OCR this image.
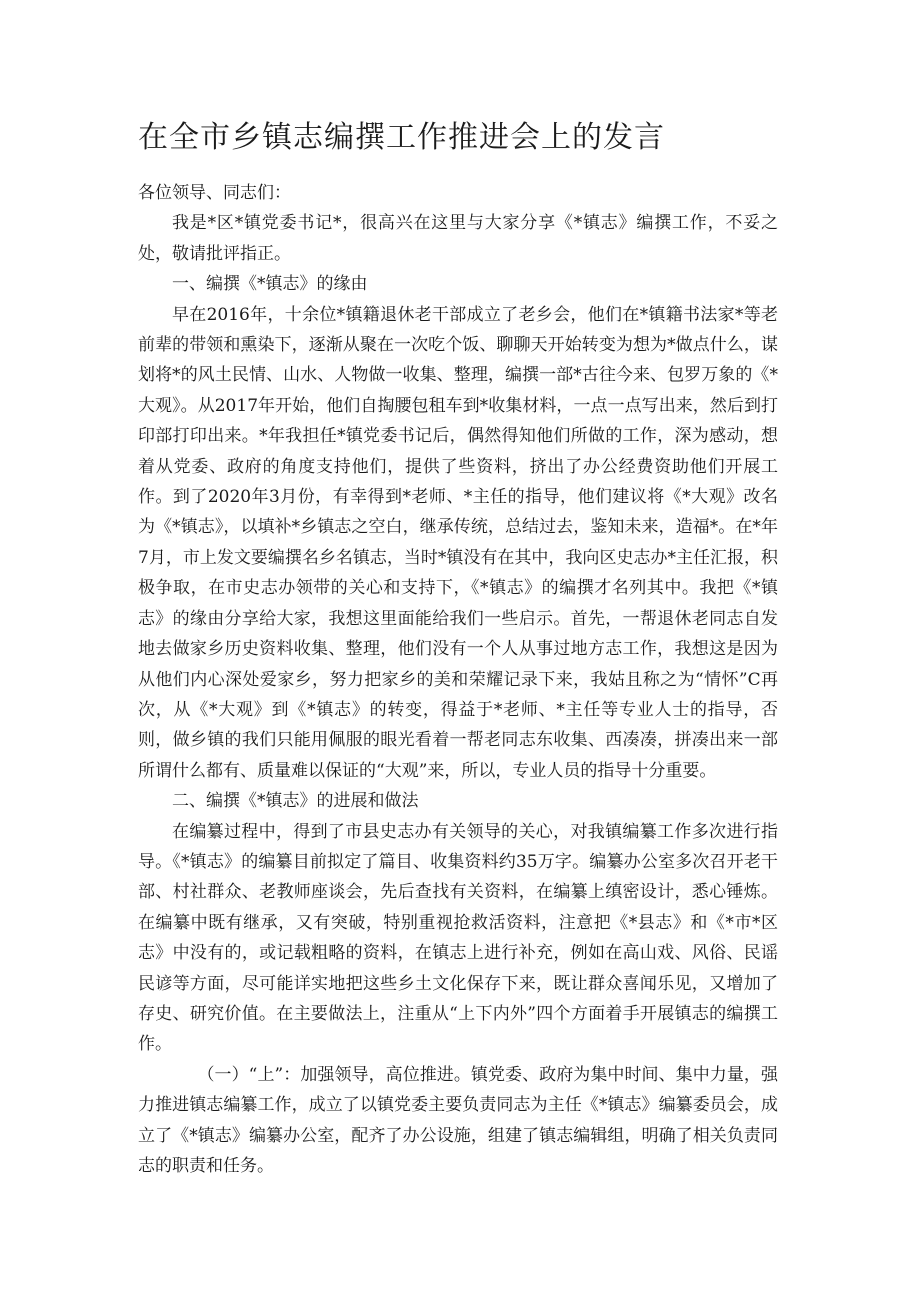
在全市乡镇志编撰工作推进会上的发言

各位领导、同志们：

我是*区*镇党委书记*，很高兴在这里与大家分享《*镇志》编撰工作，不妥之处，敬请批评指正。

一、编撰《*镇志》的缘由

早在2016年，十余位*镇籍退休老干部成立了老乡会，他们在*镇籍书法家*等老前辈的带领和熏染下，逐渐从聚在一次吃个饭、聊聊天开始转变为想为*做点什么，谋划将*的风土民情、山水、人物做一收集、整理，编撰一部*古往今来、包罗万象的《*大观》。从2017年开始，他们自掏腰包租车到*收集材料，一点一点写出来，然后到打印部打印出来。*年我担任*镇党委书记后，偶然得知他们所做的工作，深为感动，想着从党委、政府的角度支持他们，提供了些资料，挤出了办公经费资助他们开展工作。到了2020年3月份，有幸得到*老师、*主任的指导，他们建议将《*大观》改名为《*镇志》，以填补*乡镇志之空白，继承传统，总结过去，鉴知未来，造福*。在*年7月，市上发文要编撰名乡名镇志，当时*镇没有在其中，我向区史志办*主任汇报，积极争取，在市史志办领带的关心和支持下，《*镇志》的编撰才名列其中。我把《*镇志》的缘由分享给大家，我想这里面能给我们一些启示。首先，一帮退休老同志自发地去做家乡历史资料收集、整理，他们没有一个人从事过地方志工作，我想这是因为从他们内心深处爱家乡，努力把家乡的美和荣耀记录下来，我姑且称之为“情怀”C再次，从《*大观》到《*镇志》的转变，得益于*老师、*主任等专业人士的指导，否则，做乡镇的我们只能用佩服的眼光看着一帮老同志东收集、西凑凑，拼凑出来一部所谓什么都有、质量难以保证的“大观”来，所以，专业人员的指导十分重要。

二、编撰《*镇志》的进展和做法

在编纂过程中，得到了市县史志办有关领导的关心，对我镇编纂工作多次进行指导。《*镇志》的编纂目前拟定了篇目、收集资料约35万字。编纂办公室多次召开老干部、村社群众、老教师座谈会，先后查找有关资料，在编纂上缜密设计，悉心锤炼。在编纂中既有继承，又有突破，特别重视抢救活资料，注意把《*县志》和《*市*区志》中没有的，或记载粗略的资料，在镇志上进行补充，例如在高山戏、风俗、民谣民谚等方面，尽可能详实地把这些乡土文化保存下来，既让群众喜闻乐见，又增加了存史、研究价值。在主要做法上，注重从“上下内外”四个方面着手开展镇志的编撰工作。

（一）“上”：加强领导，高位推进。镇党委、政府为集中时间、集中力量，强力推进镇志编纂工作，成立了以镇党委主要负责同志为主任《*镇志》编纂委员会，成立了《*镇志》编纂办公室，配齐了办公设施，组建了镇志编辑组，明确了相关负责同志的职责和任务。
